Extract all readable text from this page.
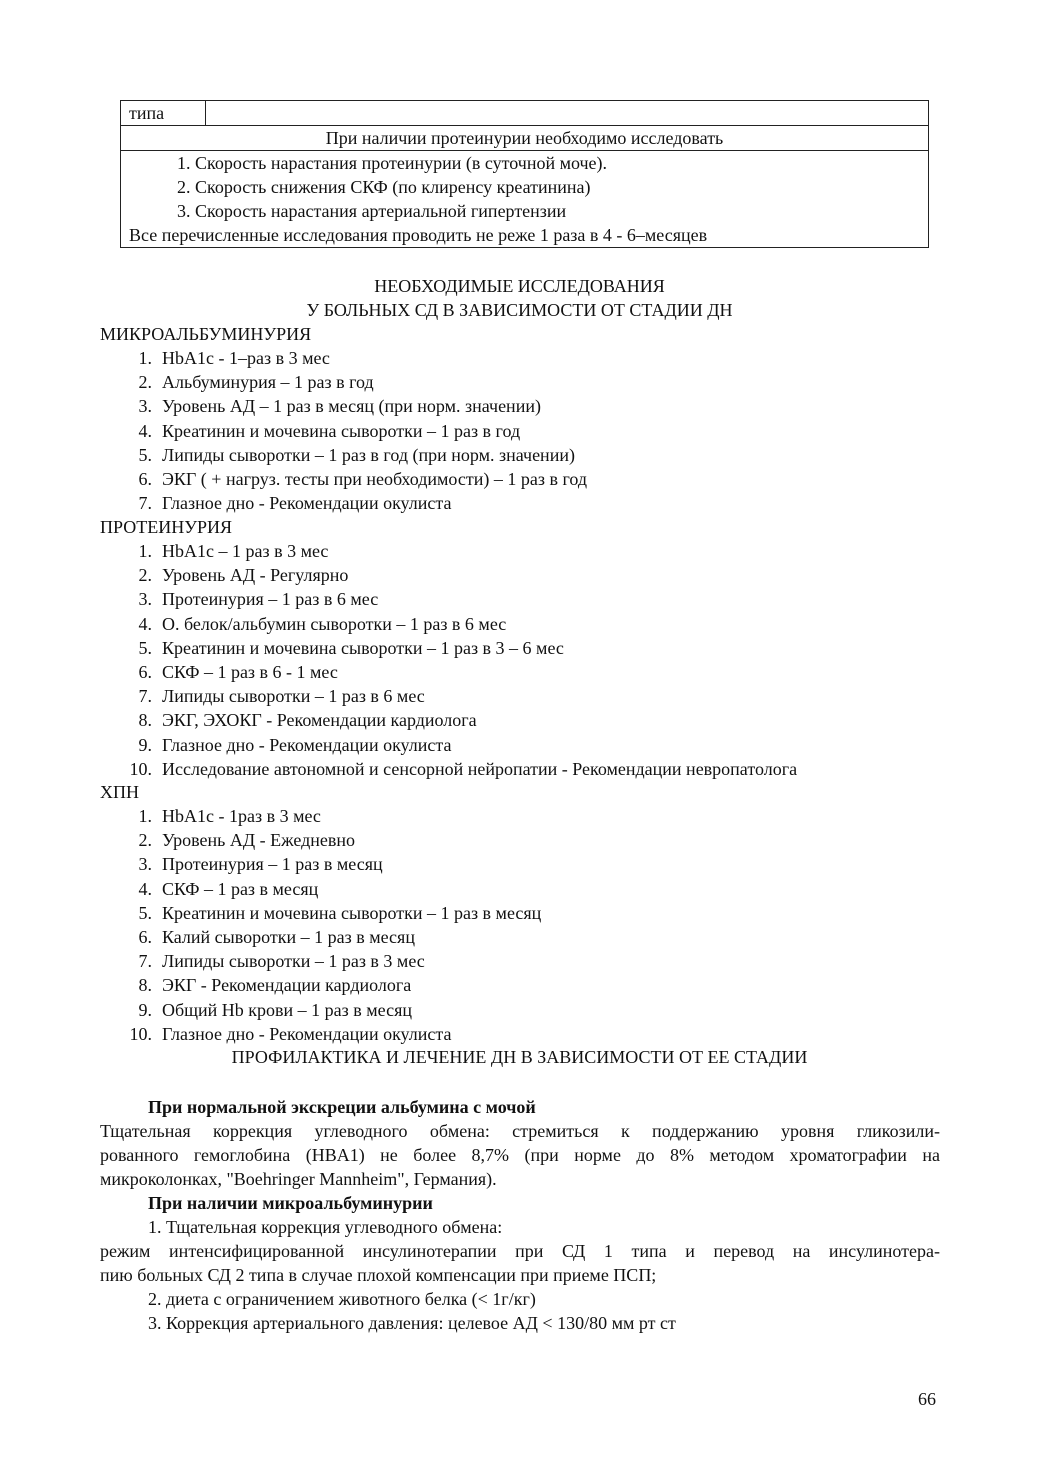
типа	
При наличии протеинурии необходимо исследовать

1. Скорость нарастания протеинурии (в суточной моче).
2. Скорость снижения СКФ (по клиренсу креатинина)
3. Скорость нарастания артериальной гипертензии
Все перечисленные исследования проводить не реже 1 раза в 4 - 6–месяцев
НЕОБХОДИМЫЕ ИССЛЕДОВАНИЯ
У БОЛЬНЫХ СД В ЗАВИСИМОСТИ ОТ СТАДИИ ДН
МИКРОАЛЬБУМИНУРИЯ
1. HbA1c - 1–раз в 3 мес
2. Альбуминурия – 1 раз в год
3. Уровень АД – 1 раз в месяц (при норм. значении)
4. Креатинин и мочевина сыворотки – 1 раз в год
5. Липиды сыворотки – 1 раз в год (при норм. значении)
6. ЭКГ ( + нагруз. тесты при необходимости) – 1 раз в год
7. Глазное дно - Рекомендации окулиста
ПРОТЕИНУРИЯ
1. HbA1c – 1 раз в 3 мес
2. Уровень АД - Регулярно
3. Протеинурия – 1 раз в 6 мес
4. О. белок/альбумин сыворотки – 1 раз в 6 мес
5. Креатинин и мочевина сыворотки – 1 раз в 3 – 6 мес
6. СКФ – 1 раз в 6 - 1 мес
7. Липиды сыворотки – 1 раз в 6 мес
8. ЭКГ, ЭХОКГ - Рекомендации кардиолога
9. Глазное дно - Рекомендации окулиста
10. Исследование автономной и сенсорной нейропатии - Рекомендации невропатолога
ХПН
1. HbA1c - 1раз в 3 мес
2. Уровень АД - Ежедневно
3. Протеинурия – 1 раз в месяц
4. СКФ – 1 раз в месяц
5. Креатинин и мочевина сыворотки – 1 раз в месяц
6. Калий сыворотки – 1 раз в месяц
7. Липиды сыворотки – 1 раз в 3 мес
8. ЭКГ - Рекомендации кардиолога
9. Общий Hb крови – 1 раз в месяц
10. Глазное дно - Рекомендации окулиста
ПРОФИЛАКТИКА И ЛЕЧЕНИЕ ДН В ЗАВИСИМОСТИ ОТ ЕЕ СТАДИИ
При нормальной экскреции альбумина с мочой
Тщательная коррекция углеводного обмена: стремиться к поддержанию уровня гликозили-
рованного гемоглобина (HBA1) не более 8,7% (при норме до 8% методом хроматографии на
микроколонках, "Boehringer Mannheim", Германия).
При наличии микроальбуминурии
1. Тщательная коррекция углеводного обмена:
режим интенсифицированной инсулинотерапии при СД 1 типа и перевод на инсулинотера-
пию больных СД 2 типа в случае плохой компенсации при приеме ПСП;
2. диета с ограничением животного белка (< 1г/кг)
3. Коррекция артериального давления: целевое АД < 130/80 мм рт ст
66
